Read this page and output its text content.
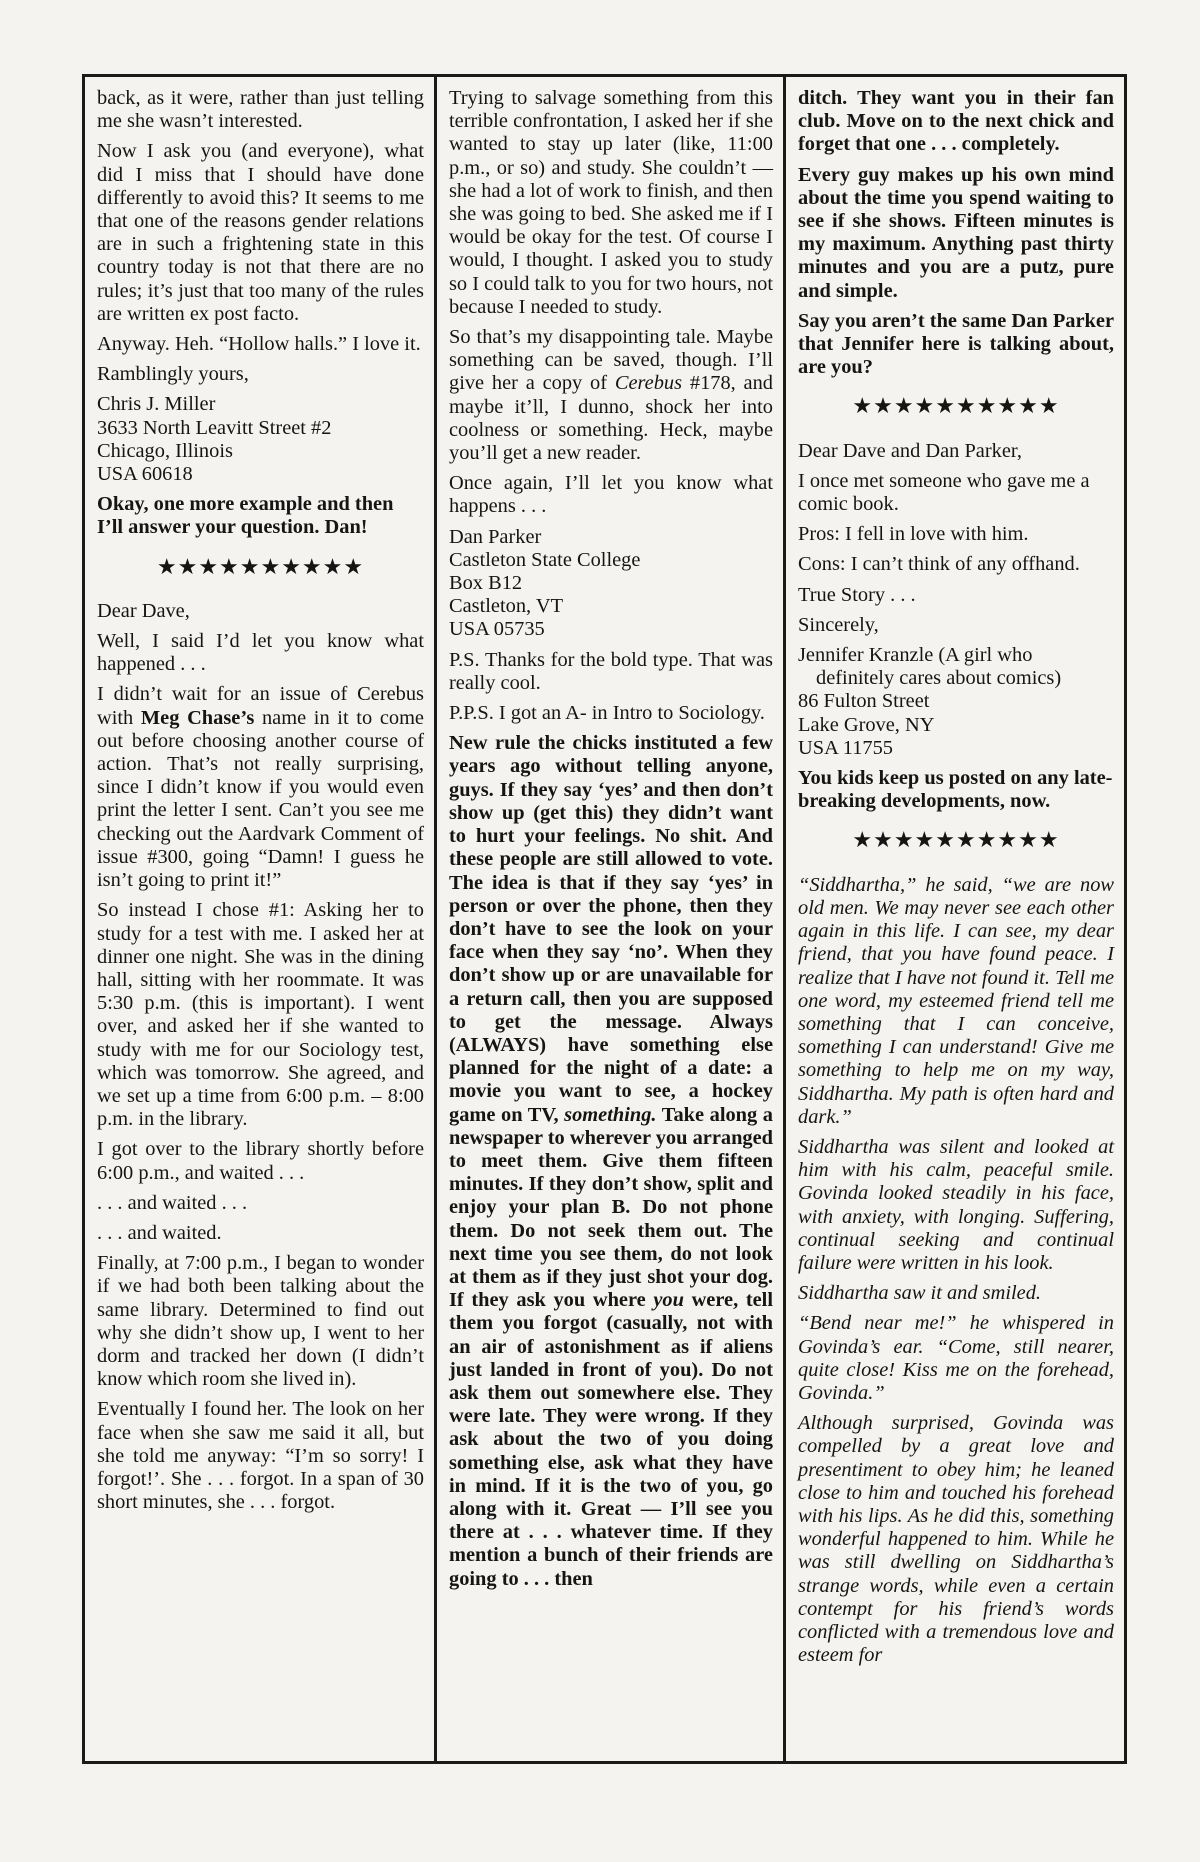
back, as it were, rather than just telling me she wasn’t interested.

Now I ask you (and everyone), what did I miss that I should have done differently to avoid this? It seems to me that one of the reasons gender relations are in such a frightening state in this country today is not that there are no rules; it’s just that too many of the rules are written ex post facto.

Anyway. Heh. “Hollow halls.” I love it.

Ramblingly yours,

Chris J. Miller
3633 North Leavitt Street #2
Chicago, Illinois
USA 60618

Okay, one more example and then I’ll answer your question. Dan!

★★★★★★★★★★

Dear Dave,

Well, I said I’d let you know what happened . . .

I didn’t wait for an issue of Cerebus with Meg Chase’s name in it to come out before choosing another course of action. That’s not really surprising, since I didn’t know if you would even print the letter I sent. Can’t you see me checking out the Aardvark Comment of issue #300, going “Damn! I guess he isn’t going to print it!”

So instead I chose #1: Asking her to study for a test with me. I asked her at dinner one night. She was in the dining hall, sitting with her roommate. It was 5:30 p.m. (this is important). I went over, and asked her if she wanted to study with me for our Sociology test, which was tomorrow. She agreed, and we set up a time from 6:00 p.m. – 8:00 p.m. in the library.

I got over to the library shortly before 6:00 p.m., and waited . . .

. . . and waited . . .

. . . and waited.

Finally, at 7:00 p.m., I began to wonder if we had both been talking about the same library. Determined to find out why she didn’t show up, I went to her dorm and tracked her down (I didn’t know which room she lived in).

Eventually I found her. The look on her face when she saw me said it all, but she told me anyway: “I’m so sorry! I forgot!’. She . . . forgot. In a span of 30 short minutes, she . . . forgot.

Trying to salvage something from this terrible confrontation, I asked her if she wanted to stay up later (like, 11:00 p.m., or so) and study. She couldn’t — she had a lot of work to finish, and then she was going to bed. She asked me if I would be okay for the test. Of course I would, I thought. I asked you to study so I could talk to you for two hours, not because I needed to study.

So that’s my disappointing tale. Maybe something can be saved, though. I’ll give her a copy of Cerebus #178, and maybe it’ll, I dunno, shock her into coolness or something. Heck, maybe you’ll get a new reader.

Once again, I’ll let you know what happens . . .

Dan Parker
Castleton State College
Box B12
Castleton, VT
USA 05735

P.S. Thanks for the bold type. That was really cool.

P.P.S. I got an A- in Intro to Sociology.

New rule the chicks instituted a few years ago without telling anyone, guys. If they say ‘yes’ and then don’t show up (get this) they didn’t want to hurt your feelings. No shit. And these people are still allowed to vote. The idea is that if they say ‘yes’ in person or over the phone, then they don’t have to see the look on your face when they say ‘no’. When they don’t show up or are unavailable for a return call, then you are supposed to get the message. Always (ALWAYS) have something else planned for the night of a date: a movie you want to see, a hockey game on TV, something. Take along a newspaper to wherever you arranged to meet them. Give them fifteen minutes. If they don’t show, split and enjoy your plan B. Do not phone them. Do not seek them out. The next time you see them, do not look at them as if they just shot your dog. If they ask you where you were, tell them you forgot (casually, not with an air of astonishment as if aliens just landed in front of you). Do not ask them out somewhere else. They were late. They were wrong. If they ask about the two of you doing something else, ask what they have in mind. If it is the two of you, go along with it. Great — I’ll see you there at . . . whatever time. If they mention a bunch of their friends are going to . . . then

ditch. They want you in their fan club. Move on to the next chick and forget that one . . . completely.

Every guy makes up his own mind about the time you spend waiting to see if she shows. Fifteen minutes is my maximum. Anything past thirty minutes and you are a putz, pure and simple.

Say you aren’t the same Dan Parker that Jennifer here is talking about, are you?

★★★★★★★★★★

Dear Dave and Dan Parker,

I once met someone who gave me a comic book.

Pros: I fell in love with him.

Cons: I can’t think of any offhand.

True Story . . .

Sincerely,

Jennifer Kranzle (A girl who
definitely cares about comics)
86 Fulton Street
Lake Grove, NY
USA 11755

You kids keep us posted on any late-breaking developments, now.

★★★★★★★★★★

“Siddhartha,” he said, “we are now old men. We may never see each other again in this life. I can see, my dear friend, that you have found peace. I realize that I have not found it. Tell me one word, my esteemed friend tell me something that I can conceive, something I can understand! Give me something to help me on my way, Siddhartha. My path is often hard and dark.”

Siddhartha was silent and looked at him with his calm, peaceful smile. Govinda looked steadily in his face, with anxiety, with longing. Suffering, continual seeking and continual failure were written in his look.

Siddhartha saw it and smiled.

“Bend near me!” he whispered in Govinda’s ear. “Come, still nearer, quite close! Kiss me on the forehead, Govinda.”

Although surprised, Govinda was compelled by a great love and presentiment to obey him; he leaned close to him and touched his forehead with his lips. As he did this, something wonderful happened to him. While he was still dwelling on Siddhartha’s strange words, while even a certain contempt for his friend’s words conflicted with a tremendous love and esteem for
